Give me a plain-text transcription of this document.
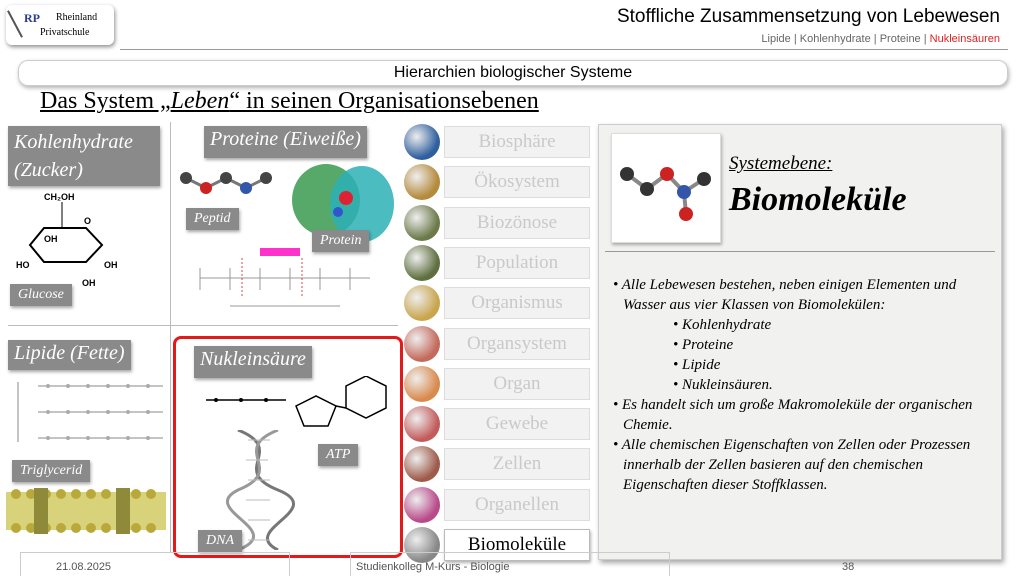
RP Rheinland
Privatschule
Stoffliche Zusammensetzung von Lebewesen
Lipide | Kohlenhydrate | Proteine | Nukleinsäuren
Hierarchien biologischer Systeme
Das System „Leben“ in seinen Organisationsebenen
Kohlenhydrate (Zucker)
CH₂OH
O
OH
HO	OH
OH
Glucose
Proteine (Eiweiße)
Peptid
Protein
Lipide (Fette)
Triglycerid
Nukleinsäure
ATP
DNA
Biosphäre
Ökosystem
Biozönose
Population
Organismus
Organsystem
Organ
Gewebe
Zellen
Organellen
Biomoleküle
Systemebene:
Biomoleküle
• Alle Lebewesen bestehen, neben einigen Elementen und Wasser aus vier Klassen von Biomolekülen:
• Kohlenhydrate
• Proteine
• Lipide
• Nukleinsäuren.
• Es handelt sich um große Makromoleküle der organischen Chemie.
• Alle chemischen Eigenschaften von Zellen oder Prozessen innerhalb der Zellen basieren auf den chemischen Eigenschaften dieser Stoffklassen.
21.08.2025	Studienkolleg M-Kurs - Biologie	38
